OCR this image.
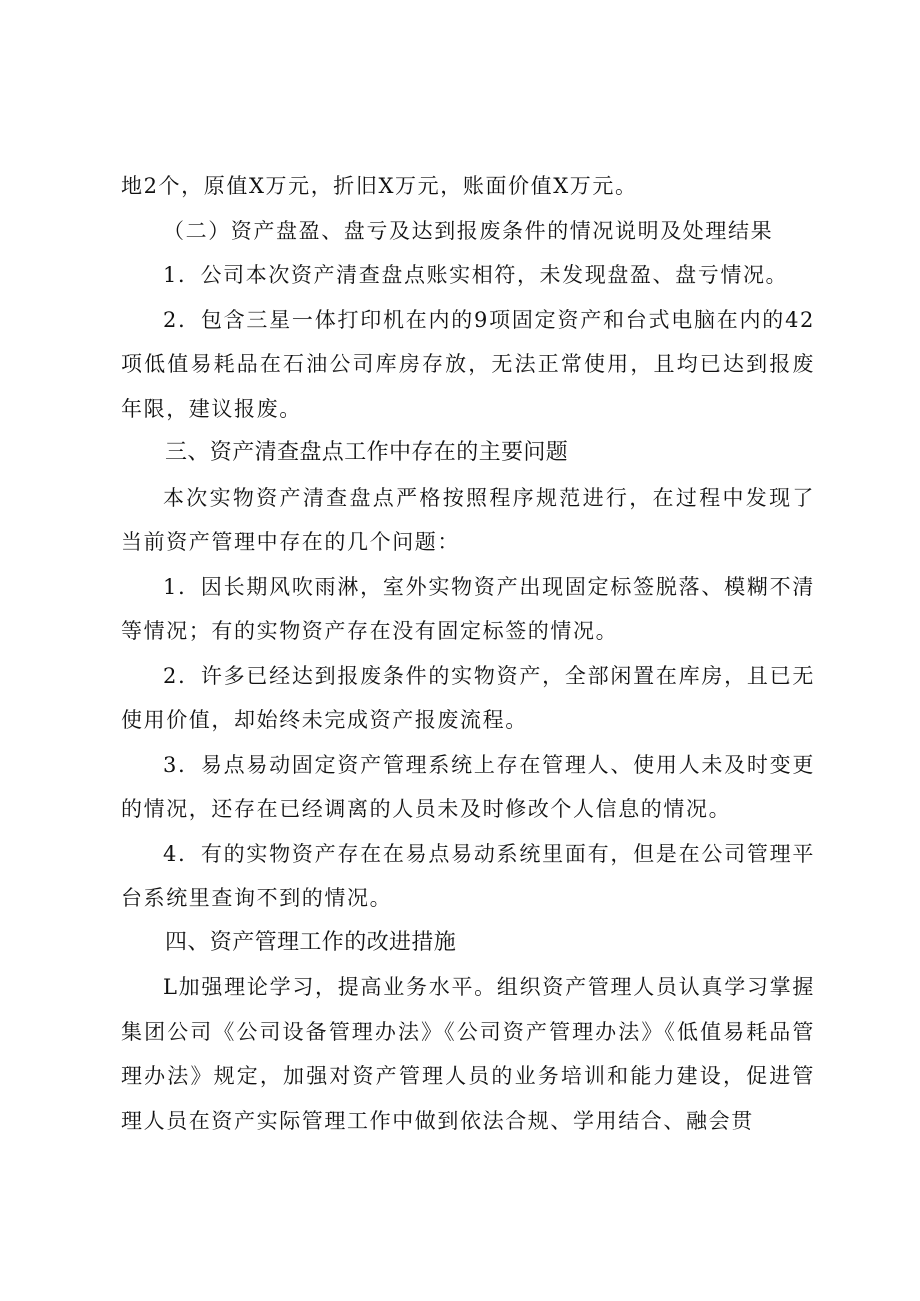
地2个，原值X万元，折旧X万元，账面价值X万元。

（二）资产盘盈、盘亏及达到报废条件的情况说明及处理结果

1．公司本次资产清查盘点账实相符，未发现盘盈、盘亏情况。

2．包含三星一体打印机在内的9项固定资产和台式电脑在内的42项低值易耗品在石油公司库房存放，无法正常使用，且均已达到报废年限，建议报废。

三、资产清查盘点工作中存在的主要问题

本次实物资产清查盘点严格按照程序规范进行，在过程中发现了当前资产管理中存在的几个问题：

1．因长期风吹雨淋，室外实物资产出现固定标签脱落、模糊不清等情况；有的实物资产存在没有固定标签的情况。

2．许多已经达到报废条件的实物资产，全部闲置在库房，且已无使用价值，却始终未完成资产报废流程。

3．易点易动固定资产管理系统上存在管理人、使用人未及时变更的情况，还存在已经调离的人员未及时修改个人信息的情况。

4．有的实物资产存在在易点易动系统里面有，但是在公司管理平台系统里查询不到的情况。

四、资产管理工作的改进措施

L加强理论学习，提高业务水平。组织资产管理人员认真学习掌握集团公司《公司设备管理办法》《公司资产管理办法》《低值易耗品管理办法》规定，加强对资产管理人员的业务培训和能力建设，促进管理人员在资产实际管理工作中做到依法合规、学用结合、融会贯
